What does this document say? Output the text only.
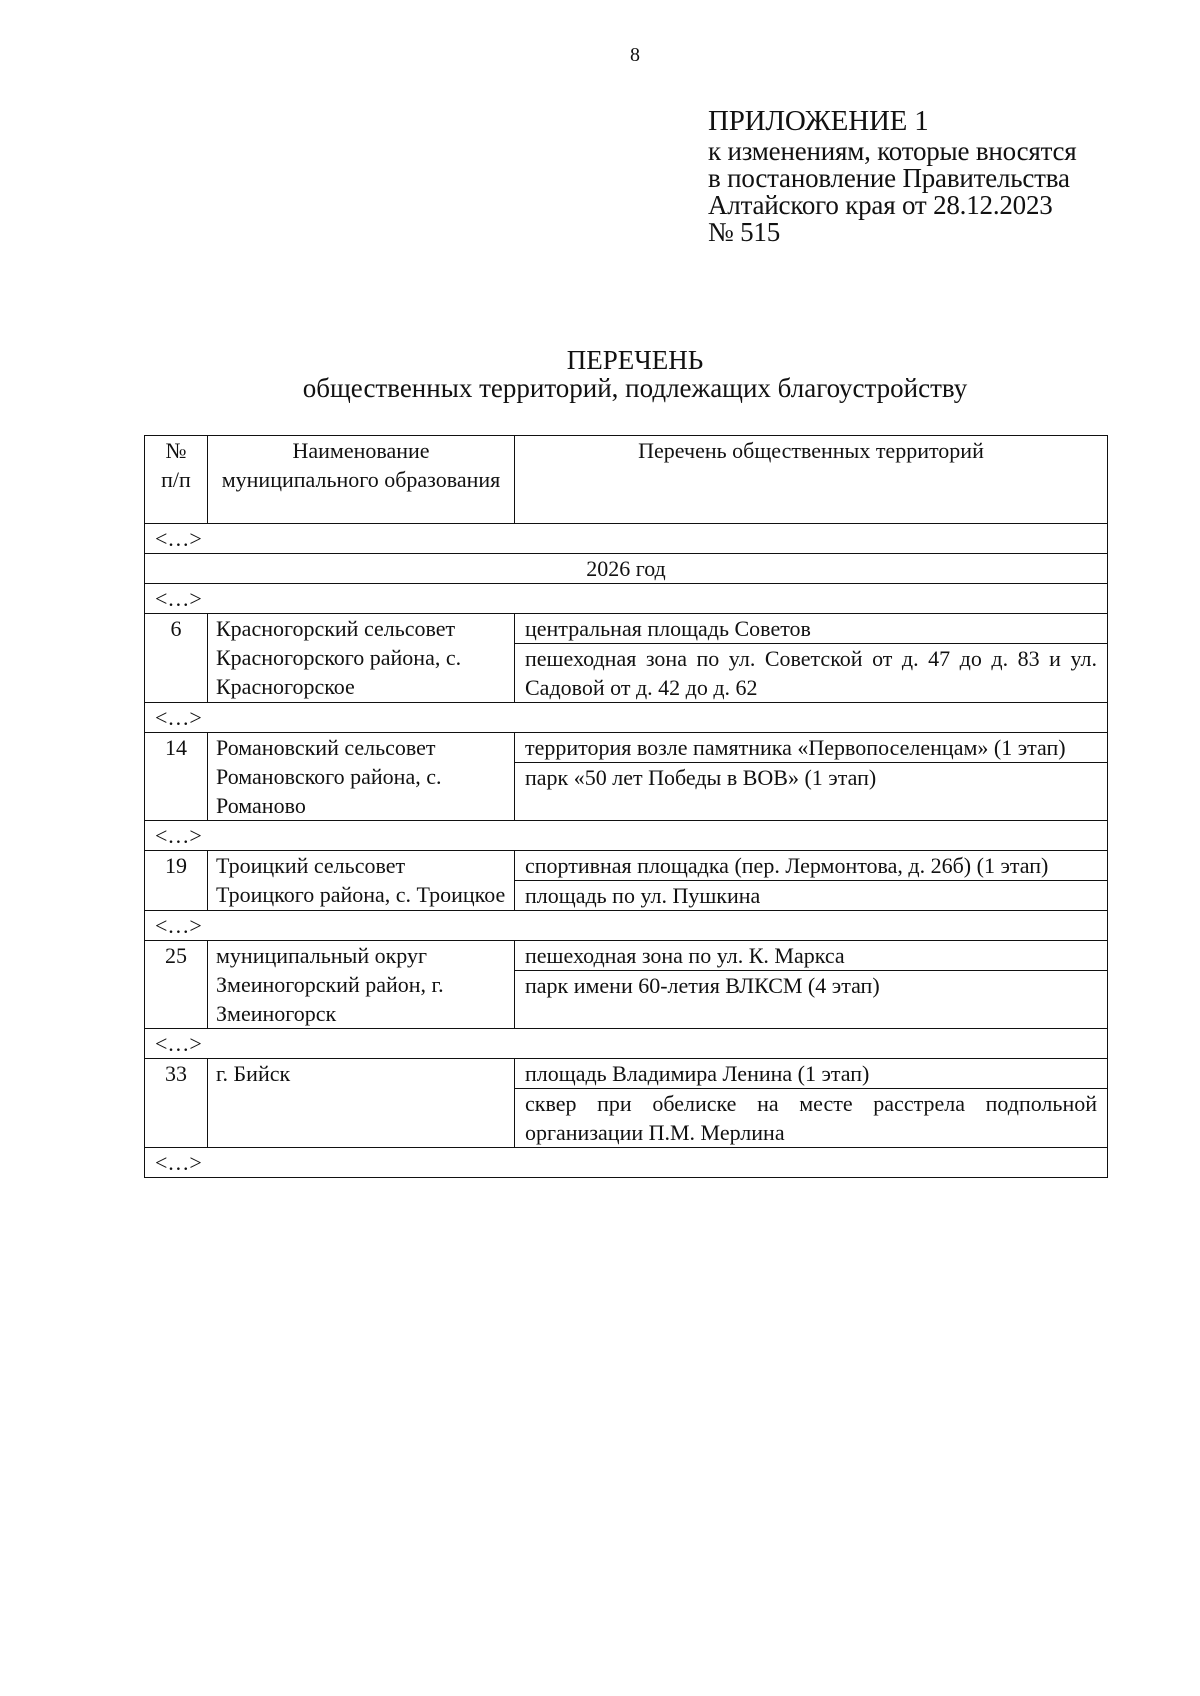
8
ПРИЛОЖЕНИЕ 1
к изменениям, которые вносятся
в постановление Правительства
Алтайского края от 28.12.2023
№ 515
ПЕРЕЧЕНЬ
общественных территорий, подлежащих благоустройству
№
п/п	Наименование муниципального образования	Перечень общественных территорий
<…>		
2026 год		
<…>		
6	Красногорский сельсовет Красногорского района, с. Красногорское	центральная площадь Советов
пешеходная зона по ул. Советской от д. 47 до д. 83 и ул. Садовой от д. 42 до д. 62

<…>		
14	Романовский сельсовет Романовского района, с. Романово	территория возле памятника «Первопоселенцам» (1 этап)
парк «50 лет Победы в ВОВ» (1 этап)

<…>		
19	Троицкий сельсовет Троицкого района, с. Троицкое	спортивная площадка (пер. Лермонтова, д. 26б) (1 этап)
площадь по ул. Пушкина

<…>		
25	муниципальный округ Змеиногорский район, г. Змеиногорск	пешеходная зона по ул. К. Маркса
парк имени 60-летия ВЛКСМ (4 этап)

<…>		
33	г. Бийск	площадь Владимира Ленина (1 этап)
сквер при обелиске на месте расстрела подпольной организации П.М. Мерлина

<…>		
